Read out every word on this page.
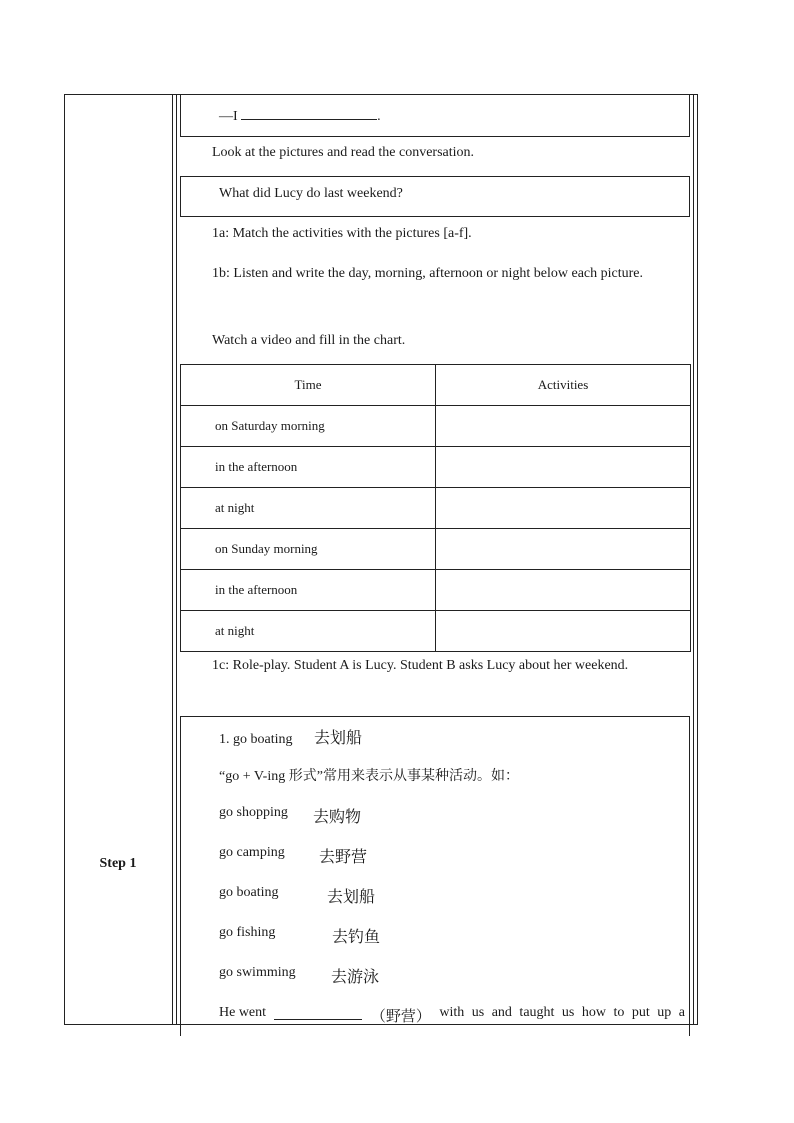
Step 1
—I	.
Look at the pictures and read the conversation.
What did Lucy do last weekend?
1a: Match the activities with the pictures [a-f].
1b: Listen and write the day, morning, afternoon or night below each picture.
Watch a video and fill in the chart.
Time	Activities
on Saturday morning	
in the afternoon	
at night	
on Sunday morning	
in the afternoon	
at night	
1c: Role-play. Student A is Lucy. Student B asks Lucy about her weekend.
1. go boating 去划船
“go + V-ing 形式”常用来表示从事某种活动。如：
go shopping 去购物
go camping 去野营
go boating	去划船
go fishing	去钓鱼
go swimming 去游泳
He went	（野营） with us and taught us how to put up a
